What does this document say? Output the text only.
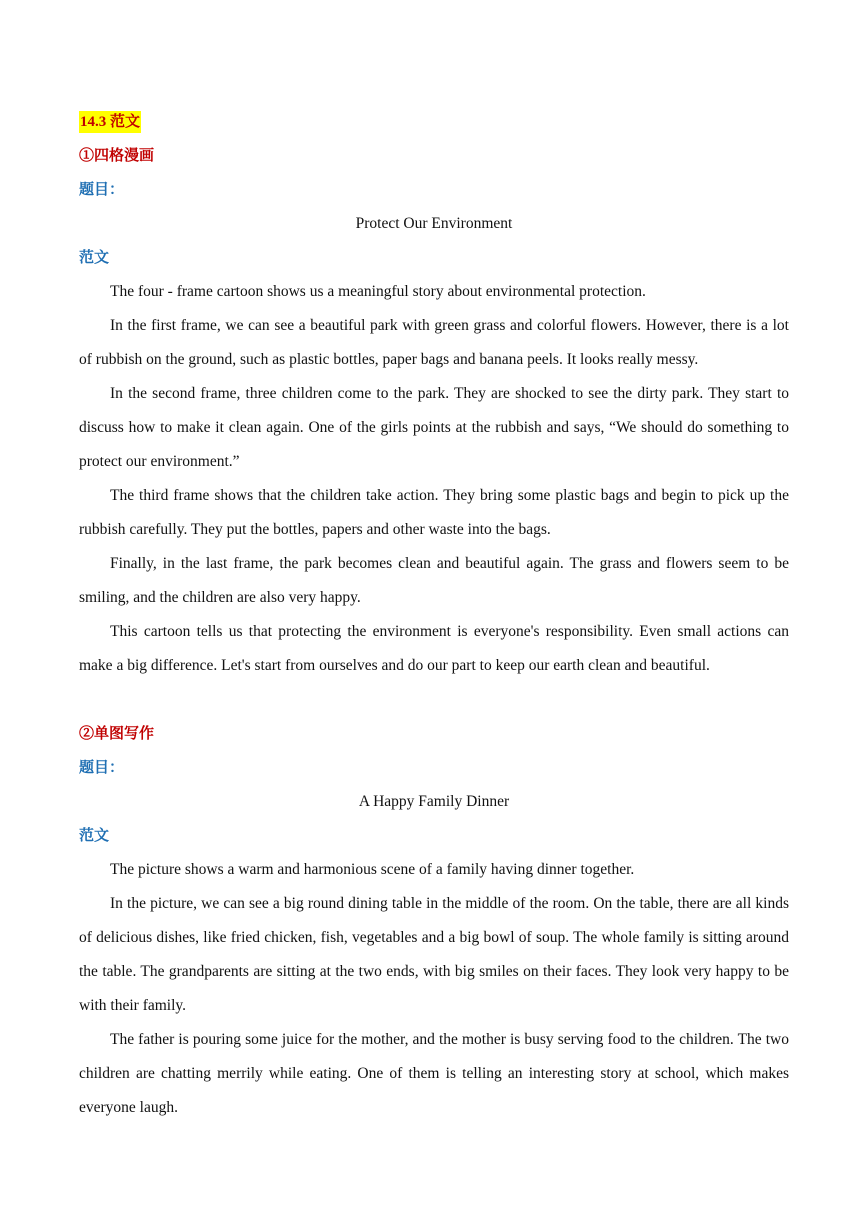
14.3 范文
①四格漫画
题目：
Protect Our Environment
范文

The four - frame cartoon shows us a meaningful story about environmental protection.

In the first frame, we can see a beautiful park with green grass and colorful flowers. However, there is a lot of rubbish on the ground, such as plastic bottles, paper bags and banana peels. It looks really messy.

In the second frame, three children come to the park. They are shocked to see the dirty park. They start to discuss how to make it clean again. One of the girls points at the rubbish and says, “We should do something to protect our environment.”

The third frame shows that the children take action. They bring some plastic bags and begin to pick up the rubbish carefully. They put the bottles, papers and other waste into the bags.

Finally, in the last frame, the park becomes clean and beautiful again. The grass and flowers seem to be smiling, and the children are also very happy.

This cartoon tells us that protecting the environment is everyone's responsibility. Even small actions can make a big difference. Let's start from ourselves and do our part to keep our earth clean and beautiful.

②单图写作
题目：
A Happy Family Dinner
范文

The picture shows a warm and harmonious scene of a family having dinner together.

In the picture, we can see a big round dining table in the middle of the room. On the table, there are all kinds of delicious dishes, like fried chicken, fish, vegetables and a big bowl of soup. The whole family is sitting around the table. The grandparents are sitting at the two ends, with big smiles on their faces. They look very happy to be with their family.

The father is pouring some juice for the mother, and the mother is busy serving food to the children. The two children are chatting merrily while eating. One of them is telling an interesting story at school, which makes everyone laugh.
